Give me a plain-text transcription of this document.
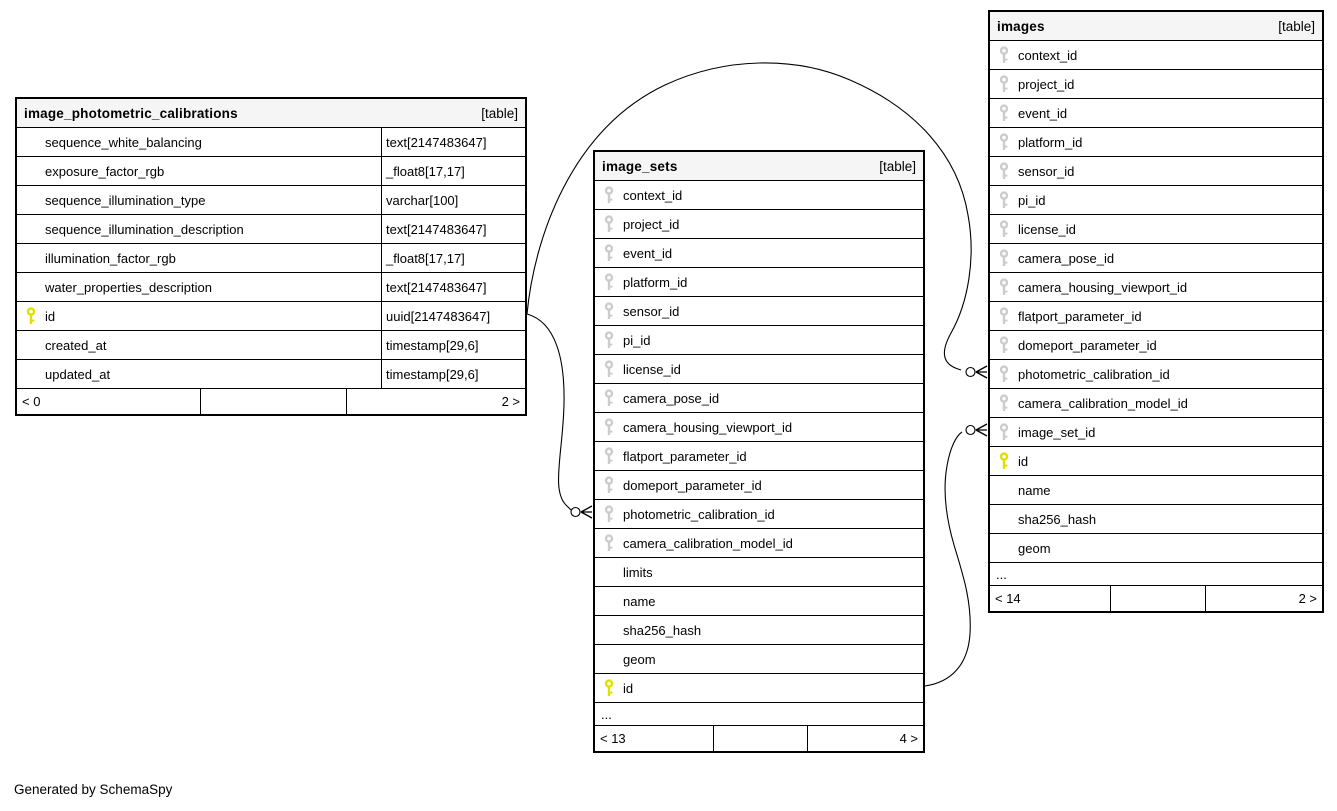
image_photometric_calibrations	[table]
sequence_white_balancing	text[2147483647]
exposure_factor_rgb	_float8[17,17]
sequence_illumination_type	varchar[100]
sequence_illumination_description	text[2147483647]
illumination_factor_rgb	_float8[17,17]
water_properties_description	text[2147483647]
id	uuid[2147483647]
created_at	timestamp[29,6]
updated_at	timestamp[29,6]
< 0	2 >
image_sets	[table]
context_id
project_id
event_id
platform_id
sensor_id
pi_id
license_id
camera_pose_id
camera_housing_viewport_id
flatport_parameter_id
domeport_parameter_id
photometric_calibration_id
camera_calibration_model_id
limits
name
sha256_hash
geom
id
...
< 13	4 >
images	[table]
context_id
project_id
event_id
platform_id
sensor_id
pi_id
license_id
camera_pose_id
camera_housing_viewport_id
flatport_parameter_id
domeport_parameter_id
photometric_calibration_id
camera_calibration_model_id
image_set_id
id
name
sha256_hash
geom
...
< 14	2 >
Generated by SchemaSpy
